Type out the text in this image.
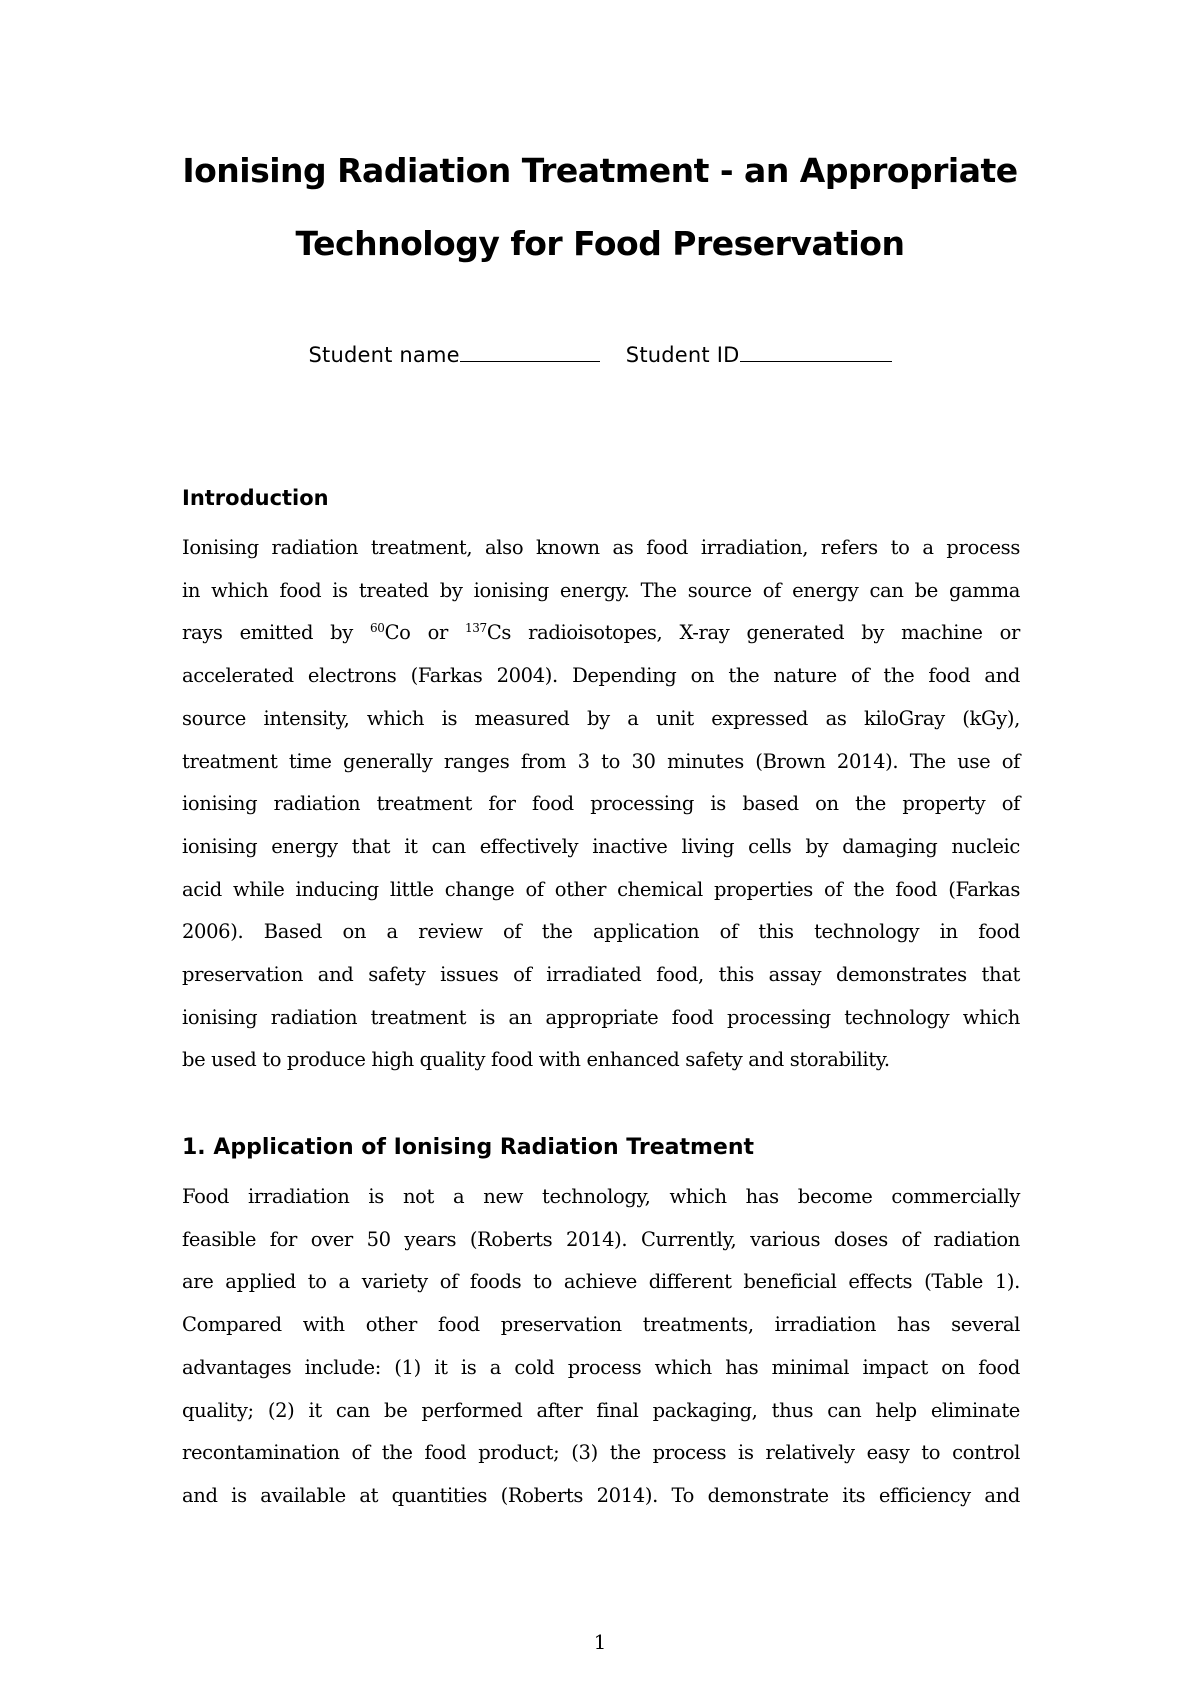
Ionising Radiation Treatment - an Appropriate
Technology for Food Preservation
Student name	Student ID
Introduction

Ionising radiation treatment, also known as food irradiation, refers to a process
in which food is treated by ionising energy. The source of energy can be gamma
rays emitted by $^{60}$Co or $^{137}$Cs radioisotopes, X-ray generated by machine or
accelerated electrons (Farkas 2004). Depending on the nature of the food and
source intensity, which is measured by a unit expressed as kiloGray (kGy),
treatment time generally ranges from 3 to 30 minutes (Brown 2014). The use of
ionising radiation treatment for food processing is based on the property of
ionising energy that it can effectively inactive living cells by damaging nucleic
acid while inducing little change of other chemical properties of the food (Farkas
2006). Based on a review of the application of this technology in food
preservation and safety issues of irradiated food, this assay demonstrates that
ionising radiation treatment is an appropriate food processing technology which
be used to produce high quality food with enhanced safety and storability.

1. Application of Ionising Radiation Treatment

Food irradiation is not a new technology, which has become commercially
feasible for over 50 years (Roberts 2014). Currently, various doses of radiation
are applied to a variety of foods to achieve different beneficial effects (Table 1).
Compared with other food preservation treatments, irradiation has several
advantages include: (1) it is a cold process which has minimal impact on food
quality; (2) it can be performed after final packaging, thus can help eliminate
recontamination of the food product; (3) the process is relatively easy to control
and is available at quantities (Roberts 2014). To demonstrate its efficiency and

1
